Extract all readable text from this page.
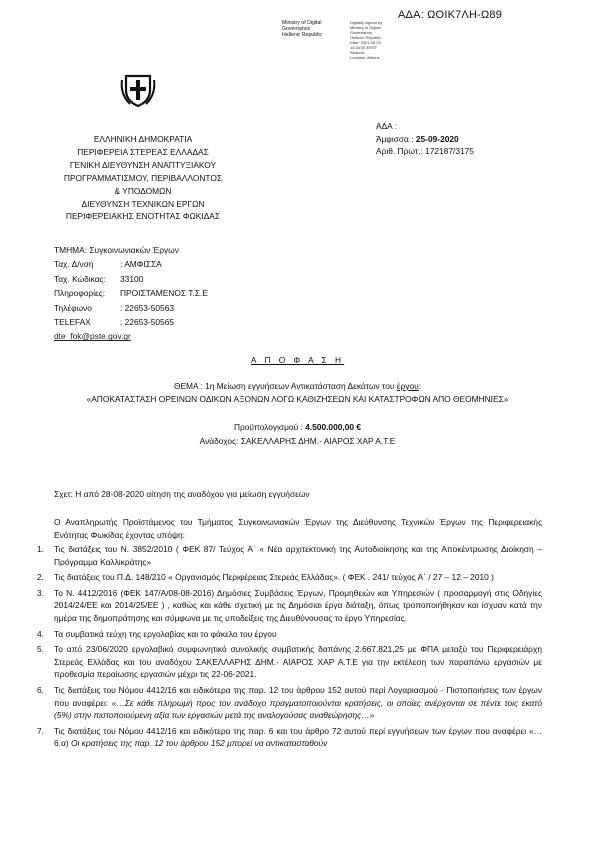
ΑΔΑ: ΩΟΙΚ7ΛΗ-Ω89
Ministry of Digital
Governance
Hellenic Republic
Digitally signed by
Ministry of Digital
Governance,
Hellenic Republic
Date: 2021.06.29
16:34:55 EEST
Reason:
Location: Athens
ΕΛΛΗΝΙΚΗ ΔΗΜΟΚΡΑΤΙΑ
ΠΕΡΙΦΕΡΕΙΑ ΣΤΕΡΕΑΣ ΕΛΛΑΔΑΣ
ΓΕΝΙΚΗ ΔΙΕΥΘΥΝΣΗ ΑΝΑΠΤΥΞΙΑΚΟΥ
ΠΡΟΓΡΑΜΜΑΤΙΣΜΟΥ, ΠΕΡΙΒΑΛΛΟΝΤΟΣ
& ΥΠΟΔΟΜΩΝ
ΔΙΕΥΘΥΝΣΗ ΤΕΧΝΙΚΩΝ ΕΡΓΩΝ
ΠΕΡΙΦΕΡΕΙΑΚΗΣ ΕΝΟΤΗΤΑΣ ΦΩΚΙΔΑΣ
ΤΜΗΜΑ: Συγκοινωνιακών Έργων
Ταχ. Δ/νση	: ΑΜΦΙΣΣΑ
Ταχ. Κώδικας: 33100
Πληροφορίες: ΠΡΟΙΣΤΑΜΕΝΟΣ Τ.Σ.Ε
Τηλέφωνο	: 22653-50563
TELEFAX	: 22653-50565
dte_fok@pste.gov.gr
ΑΔΑ :
Άμφισσα : 25-09-2020
Αριθ. Πρωτ.: 172187/3175
Α Π Ο Φ Α Σ Η
ΘΕΜΑ : 1η Μείωση εγγυήσεων Αντικατάσταση Δεκάτων του έργου:
«ΑΠΟΚΑΤΑΣΤΑΣΗ ΟΡΕΙΝΩΝ ΟΔΙΚΩΝ ΑΞΟΝΩΝ ΛΟΓΩ ΚΑΘΙΖΗΣΕΩΝ ΚΑΙ ΚΑΤΑΣΤΡΟΦΩΝ ΑΠΟ ΘΕΟΜΗΝΙΕΣ»
Προϋπολογισμού : 4.500.000,00 €
Ανάδοχος: ΣΑΚΕΛΛΑΡΗΣ ΔΗΜ.- ΑΙΑΡΟΣ ΧΑΡ Α.Τ.Ε
Σχετ: Η από 28-08-2020 αίτηση της αναδόχου για μείωση εγγυήσεων
Ο Αναπληρωτής Προϊστάμενος του Τμήματος Συγκοινωνιακών Έργων της Διεύθυνσης Τεχνικών Έργων της Περιφερειακής Ενότητας Φωκίδας έχοντας υπόψη:
1. Τις διατάξεις του Ν. 3852/2010 ( ΦΕΚ 87/ Τεύχος Α΄ « Νέα αρχιτεκτονική της Αυτοδιοίκησης και της Αποκέντρωσης Διοίκηση – Πρόγραμμα Καλλικράτης»
2. Τις διατάξεις του Π.Δ. 148/210 « Οργανισμός Περιφέρειας Στερεάς Ελλάδας». ( ΦΕΚ . 241/ τεύχος Α΄ / 27 – 12 – 2010 )
3. Το Ν. 4412/2016 (ΦΕΚ 147/Α/08-08-2016) Δημόσιες Συμβάσεις Έργων, Προμηθειών και Υπηρεσιών ( προσαρμογή στις Οδηγίες 2014/24/ΕΕ και 2014/25/ΕΕ ) , καθώς και κάθε σχετική με τις Δημόσιαι έργα διάταξη, όπως τροποποιήθηκαν και ίσχυαν κατά την ημέρα της δημοπράτησης και σύμφωνα με τις υποδείξεις της Διευθύνουσας το έργο Υπηρεσίας.
4. Τα συμβατικά τεύχη της εργολαβίας και το φάκελο του έργου
5. Το από 23/06/2020 εργολαβικό συμφωνητικό συνολικής συμβατικής δαπάνης 2.667.821,25 με ΦΠΑ μεταξύ του Περιφερειάρχη Στερεάς Ελλάδας και του αναδόχου ΣΑΚΕΛΛΑΡΗΣ ΔΗΜ.- ΑΙΑΡΟΣ ΧΑΡ Α.Τ.Ε για την εκτέλεση των παραπάνω εργασιών με προθεσμία περαίωσης εργασιών μέχρι τις 22-06-2021.
6. Τις διατάξεις του Νόμου 4412/16 και ειδικότερα της παρ. 12 του άρθρου 152 αυτού περί Λογαριασμού - Πιστοποιήσεις των έργων που αναφέρει: «…Σε κάθε πληρωμή προς τον ανάδοχο πραγματοποιούνται κρατήσεις, οι οποίες ανέρχονται σε πέντε τοις εκατό (5%) στην πιστοποιούμενη αξία των εργασιών μετά της αναλογούσας αναθεώρησης…»
7. Τις διατάξεις του Νόμου 4412/16 και ειδικότερα της παρ. 6 και του άρθρο 72 αυτού περί εγγυήσεων των έργων που αναφέρει «…6.α) Οι κρατήσεις της παρ. 12 του άρθρου 152 μπορεί να αντικατασταθούν
